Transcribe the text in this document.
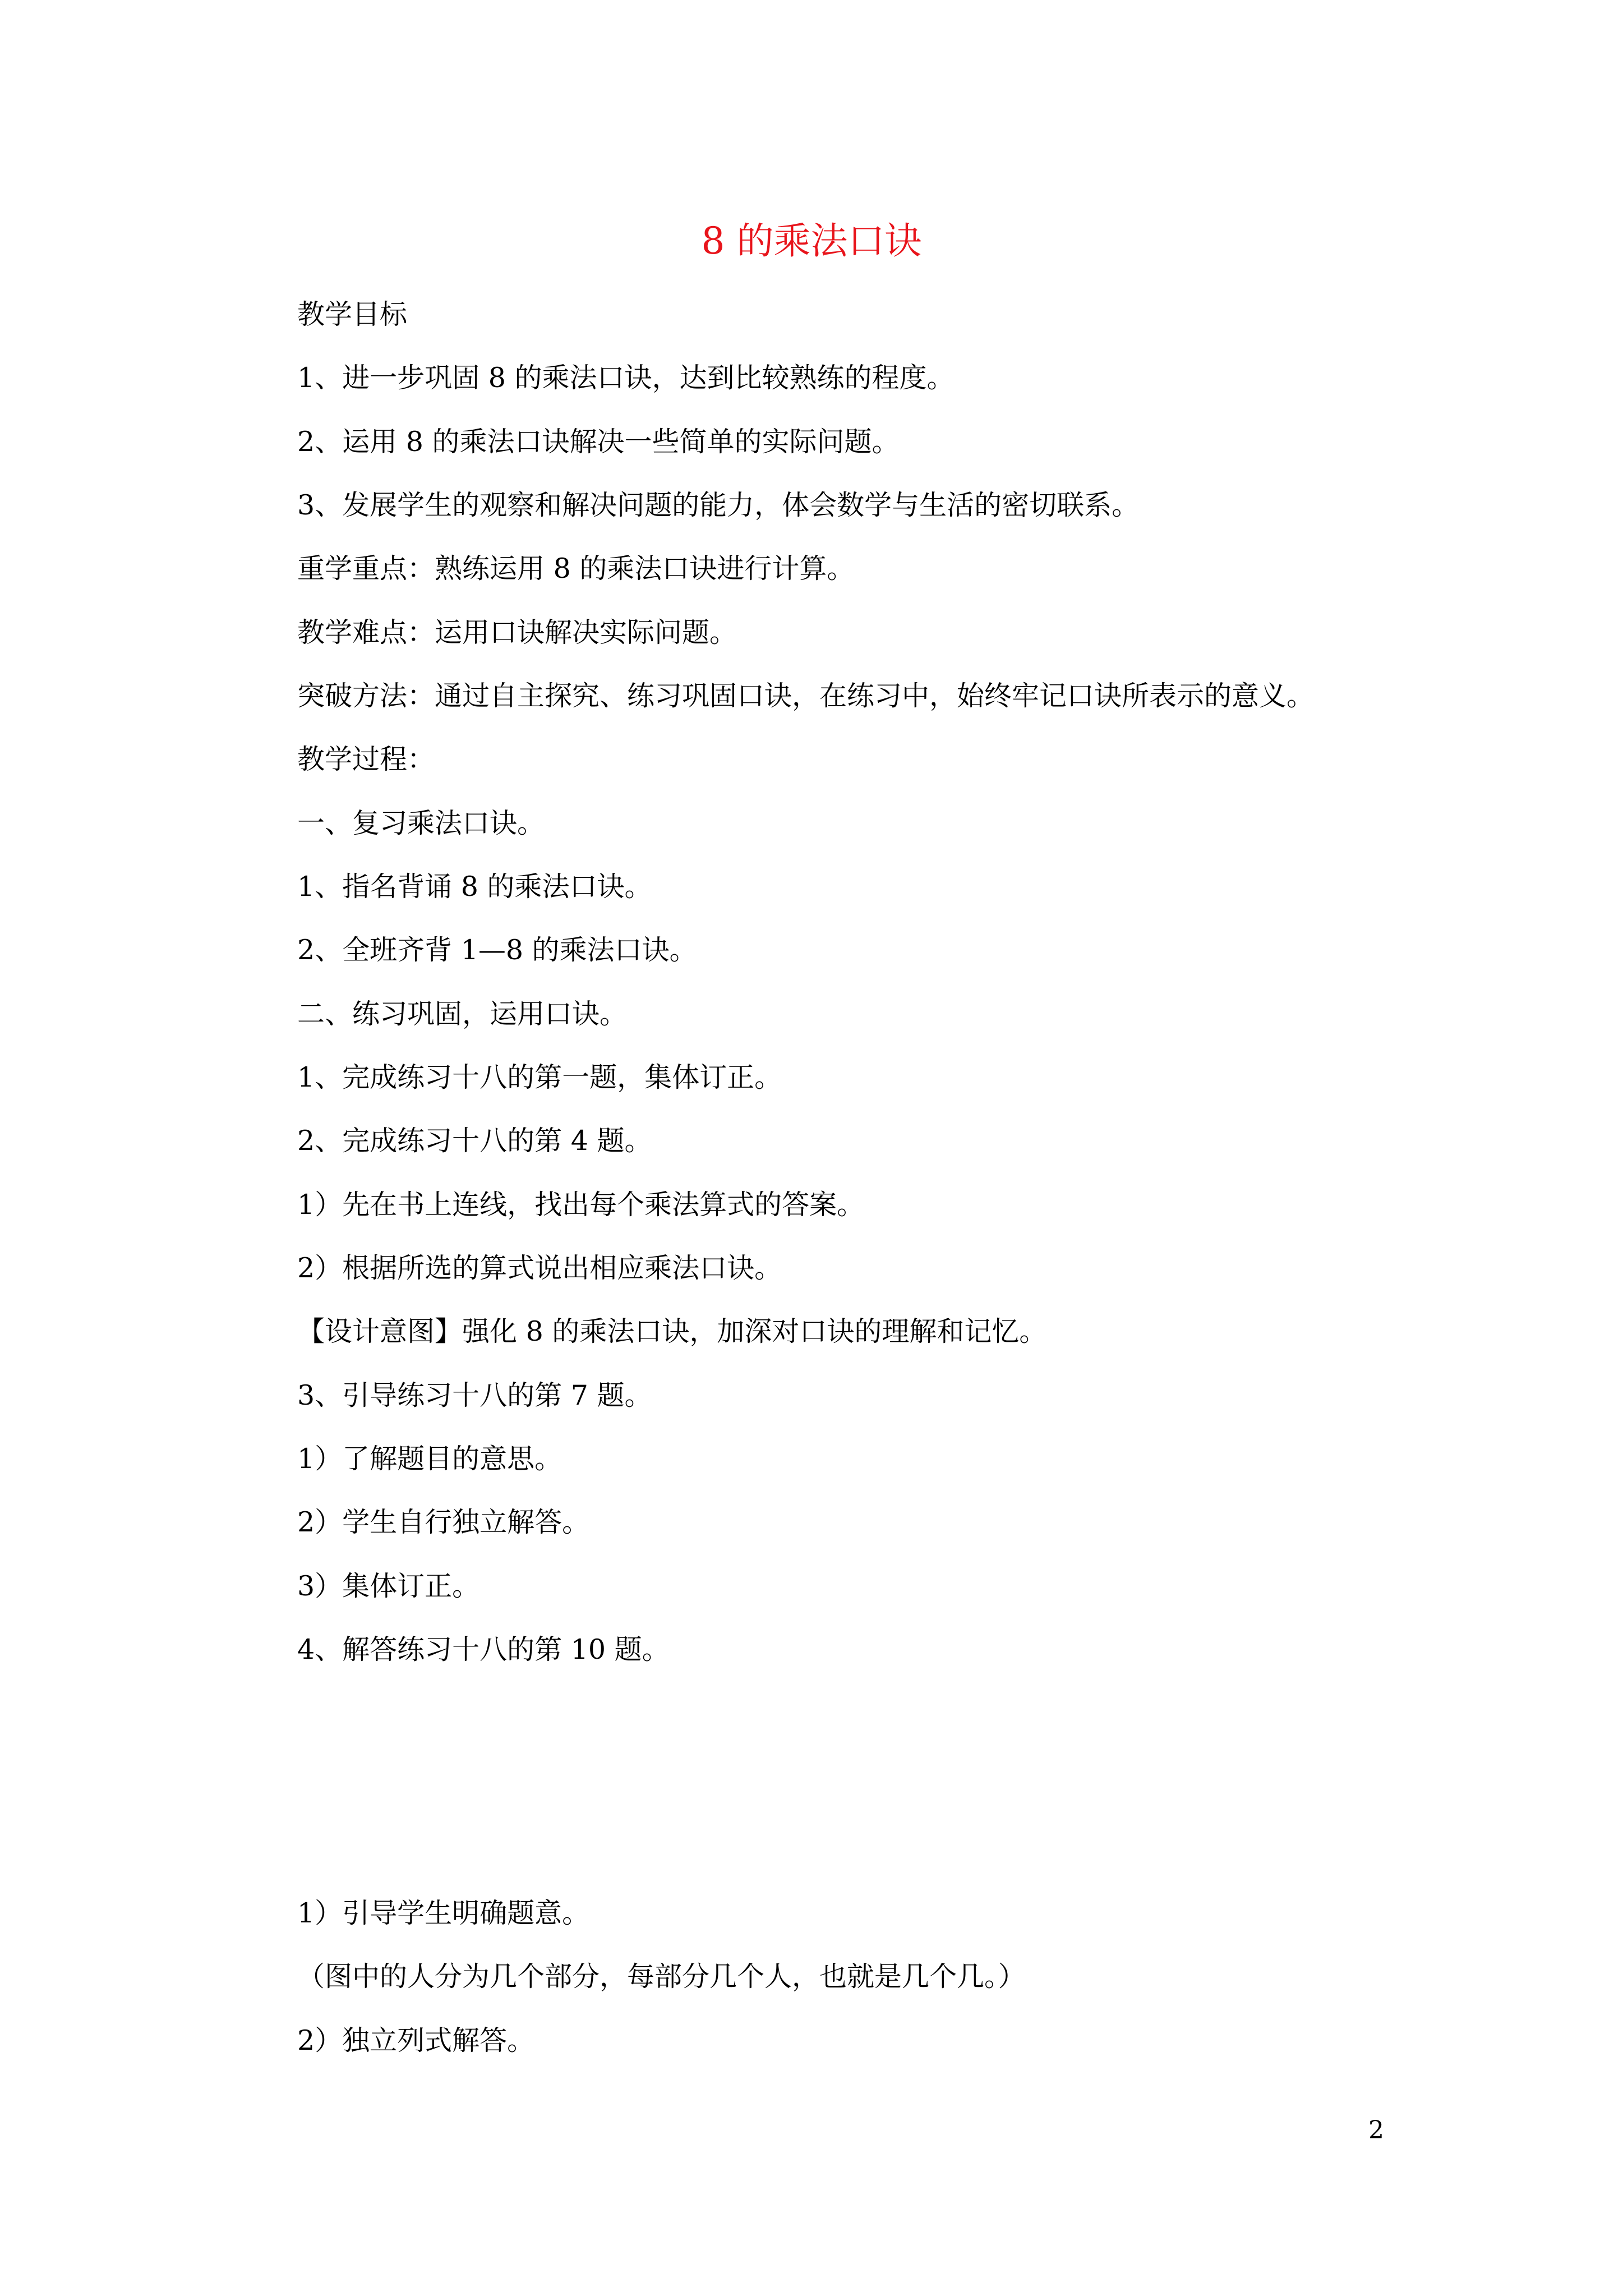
8 的乘法口诀

教学目标

1、进一步巩固 8 的乘法口诀，达到比较熟练的程度。

2、运用 8 的乘法口诀解决一些简单的实际问题。

3、发展学生的观察和解决问题的能力，体会数学与生活的密切联系。

重学重点：熟练运用 8 的乘法口诀进行计算。

教学难点：运用口诀解决实际问题。

突破方法：通过自主探究、练习巩固口诀，在练习中，始终牢记口诀所表示的意义。

教学过程：

一、复习乘法口诀。

1、指名背诵 8 的乘法口诀。

2、全班齐背 1—8 的乘法口诀。

二、练习巩固，运用口诀。

1、完成练习十八的第一题，集体订正。

2、完成练习十八的第 4 题。

1）先在书上连线，找出每个乘法算式的答案。

2）根据所选的算式说出相应乘法口诀。

【设计意图】强化 8 的乘法口诀，加深对口诀的理解和记忆。

3、引导练习十八的第 7 题。

1）了解题目的意思。

2）学生自行独立解答。

3）集体订正。

4、解答练习十八的第 10 题。

1）引导学生明确题意。

（图中的人分为几个部分，每部分几个人，也就是几个几。）

2）独立列式解答。

2
